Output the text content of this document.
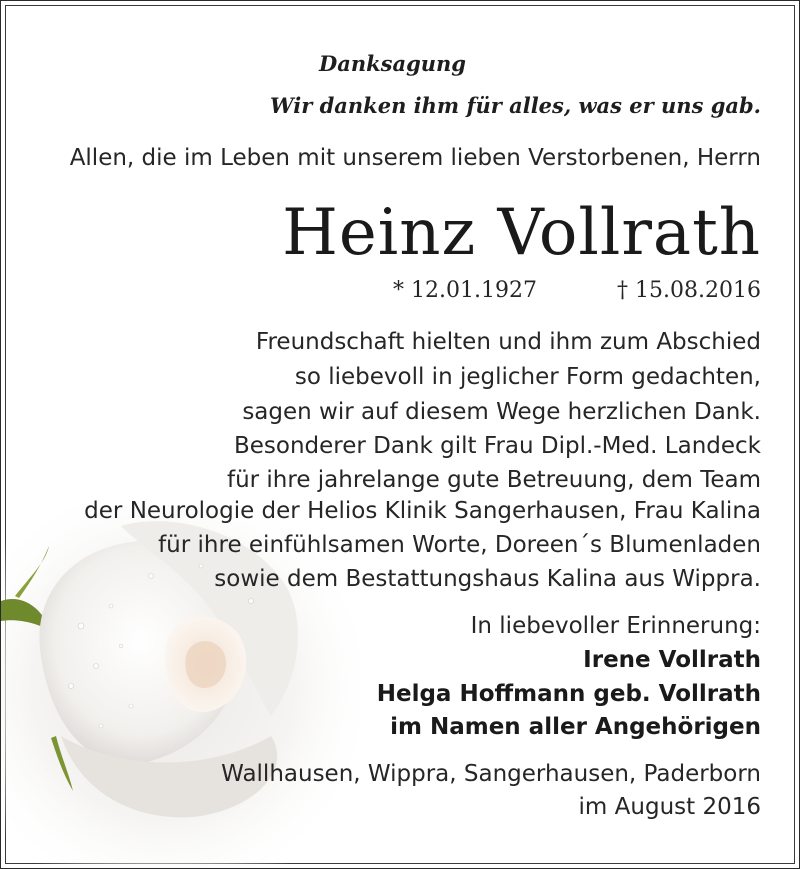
Danksagung
Wir danken ihm für alles, was er uns gab.
Allen, die im Leben mit unserem lieben Verstorbenen, Herrn
Heinz Vollrath
* 12.01.1927	† 15.08.2016
Freundschaft hielten und ihm zum Abschied
so liebevoll in jeglicher Form gedachten,
sagen wir auf diesem Wege herzlichen Dank.
Besonderer Dank gilt Frau Dipl.-Med. Landeck
für ihre jahrelange gute Betreuung, dem Team
der Neurologie der Helios Klinik Sangerhausen, Frau Kalina
für ihre einfühlsamen Worte, Doreen´s Blumenladen
sowie dem Bestattungshaus Kalina aus Wippra.
In liebevoller Erinnerung:
Irene Vollrath
Helga Hoffmann geb. Vollrath
im Namen aller Angehörigen
Wallhausen, Wippra, Sangerhausen, Paderborn
im August 2016
